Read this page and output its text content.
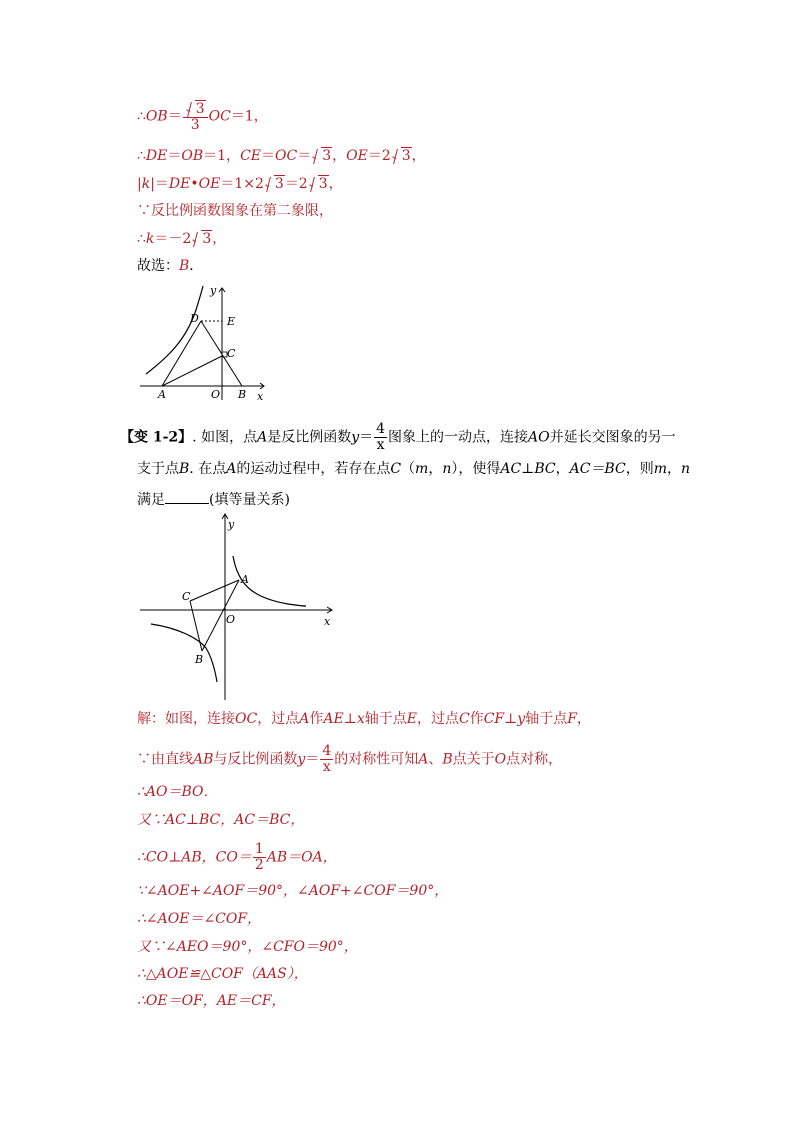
∴OB＝ $\frac{3}{3} OC=1$，
∴DE＝OB＝1，CE＝OC＝ 3，OE＝2 3，
|k|＝DE•OE＝1×2 3＝2 3，
∵反比例函数图象在第二象限，
∴k＝－2 3，
故选：B．
y
D	E
C
A	O B x
【变 1-2】. 如图，点A是反比例函数$y= \frac{4}{x}$ 图象上的一动点，连接AO并延长交图象的另一
支于点B. 在点A的运动过程中，若存在点C（m，n），使得AC⊥BC，AC＝BC，则m，n
满足	(填等量关系)
y
A
C
O	x
B
解：如图，连接OC，过点A作AE⊥x轴于点E，过点C作CF⊥y轴于点F，
∵由直线AB与反比例函数$y= \frac{4}{x}$ 的对称性可知A、B点关于O点对称，
∴AO＝BO．
又∵AC⊥BC，AC＝BC，
∴CO⊥AB，$CO= \frac{1}{2} AB=OA$，
∵∠AOE+∠AOF＝90°，∠AOF+∠COF＝90°，
∴∠AOE＝∠COF，
又∵∠AEO＝90°，∠CFO＝90°，
∴△AOE≌△COF（AAS），
∴OE＝OF，AE＝CF，
